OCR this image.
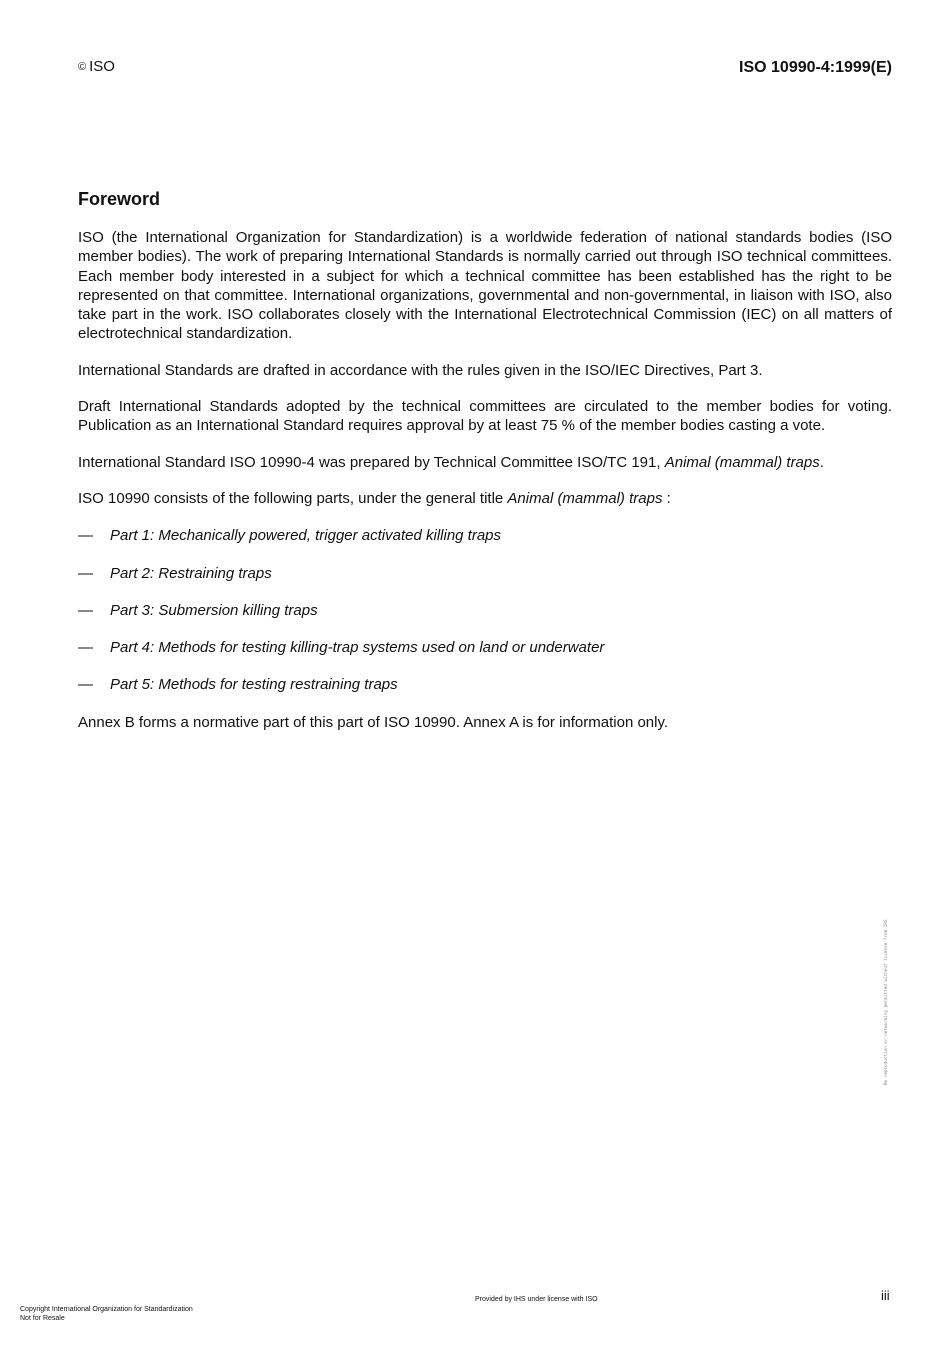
© ISO	ISO 10990-4:1999(E)
Foreword

ISO (the International Organization for Standardization) is a worldwide federation of national standards bodies (ISO member bodies). The work of preparing International Standards is normally carried out through ISO technical committees. Each member body interested in a subject for which a technical committee has been established has the right to be represented on that committee. International organizations, governmental and non-governmental, in liaison with ISO, also take part in the work. ISO collaborates closely with the International Electrotechnical Commission (IEC) on all matters of electrotechnical standardization.

International Standards are drafted in accordance with the rules given in the ISO/IEC Directives, Part 3.

Draft International Standards adopted by the technical committees are circulated to the member bodies for voting. Publication as an International Standard requires approval by at least 75 % of the member bodies casting a vote.

International Standard ISO 10990-4 was prepared by Technical Committee ISO/TC 191, Animal (mammal) traps.

ISO 10990 consists of the following parts, under the general title Animal (mammal) traps :

— Part 1: Mechanically powered, trigger activated killing traps
— Part 2: Restraining traps
— Part 3: Submersion killing traps
— Part 4: Methods for testing killing-trap systems used on land or underwater
— Part 5: Methods for testing restraining traps

Annex B forms a normative part of this part of ISO 10990. Annex A is for information only.

No reproduction or networking permitted without license from IHS
iii
Provided by IHS under license with ISO
Copyright International Organization for Standardization
Not for Resale
